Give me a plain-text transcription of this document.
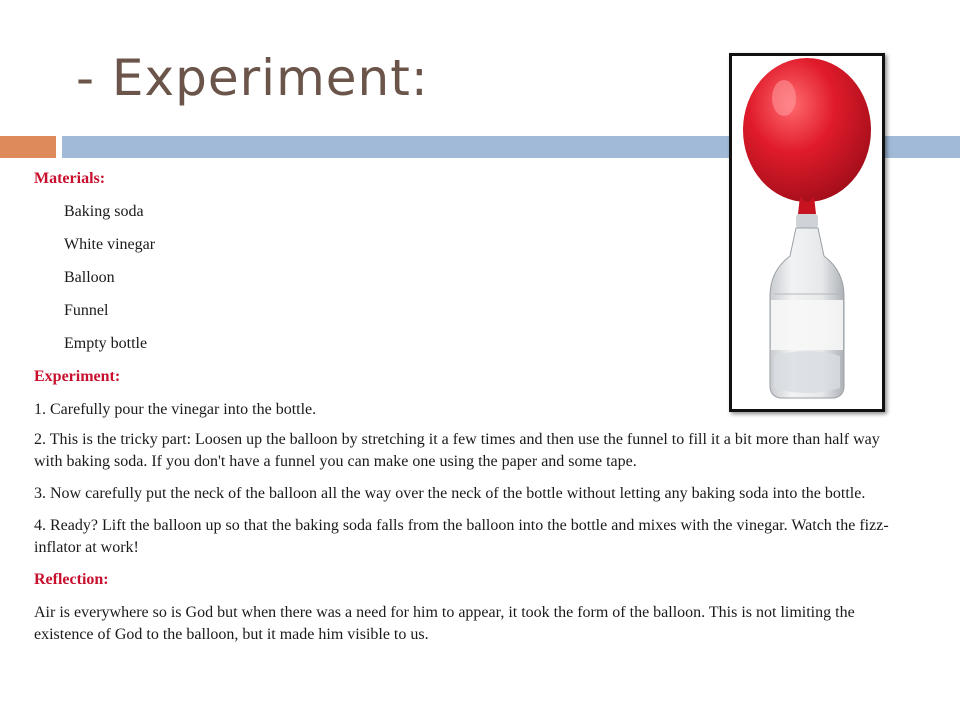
- Experiment:

Materials:

Baking soda

White vinegar

Balloon

Funnel

Empty bottle

Experiment:

1. Carefully pour the vinegar into the bottle.

2. This is the tricky part: Loosen up the balloon by stretching it a few times and then use the funnel to fill it a bit more than half way with baking soda. If you don't have a funnel you can make one using the paper and some tape.

3. Now carefully put the neck of the balloon all the way over the neck of the bottle without letting any baking soda into the bottle.

4. Ready? Lift the balloon up so that the baking soda falls from the balloon into the bottle and mixes with the vinegar. Watch the fizz-inflator at work!

Reflection:

Air is everywhere so is God but when there was a need for him to appear, it took the form of the balloon. This is not limiting the existence of God to the balloon, but it made him visible to us.
